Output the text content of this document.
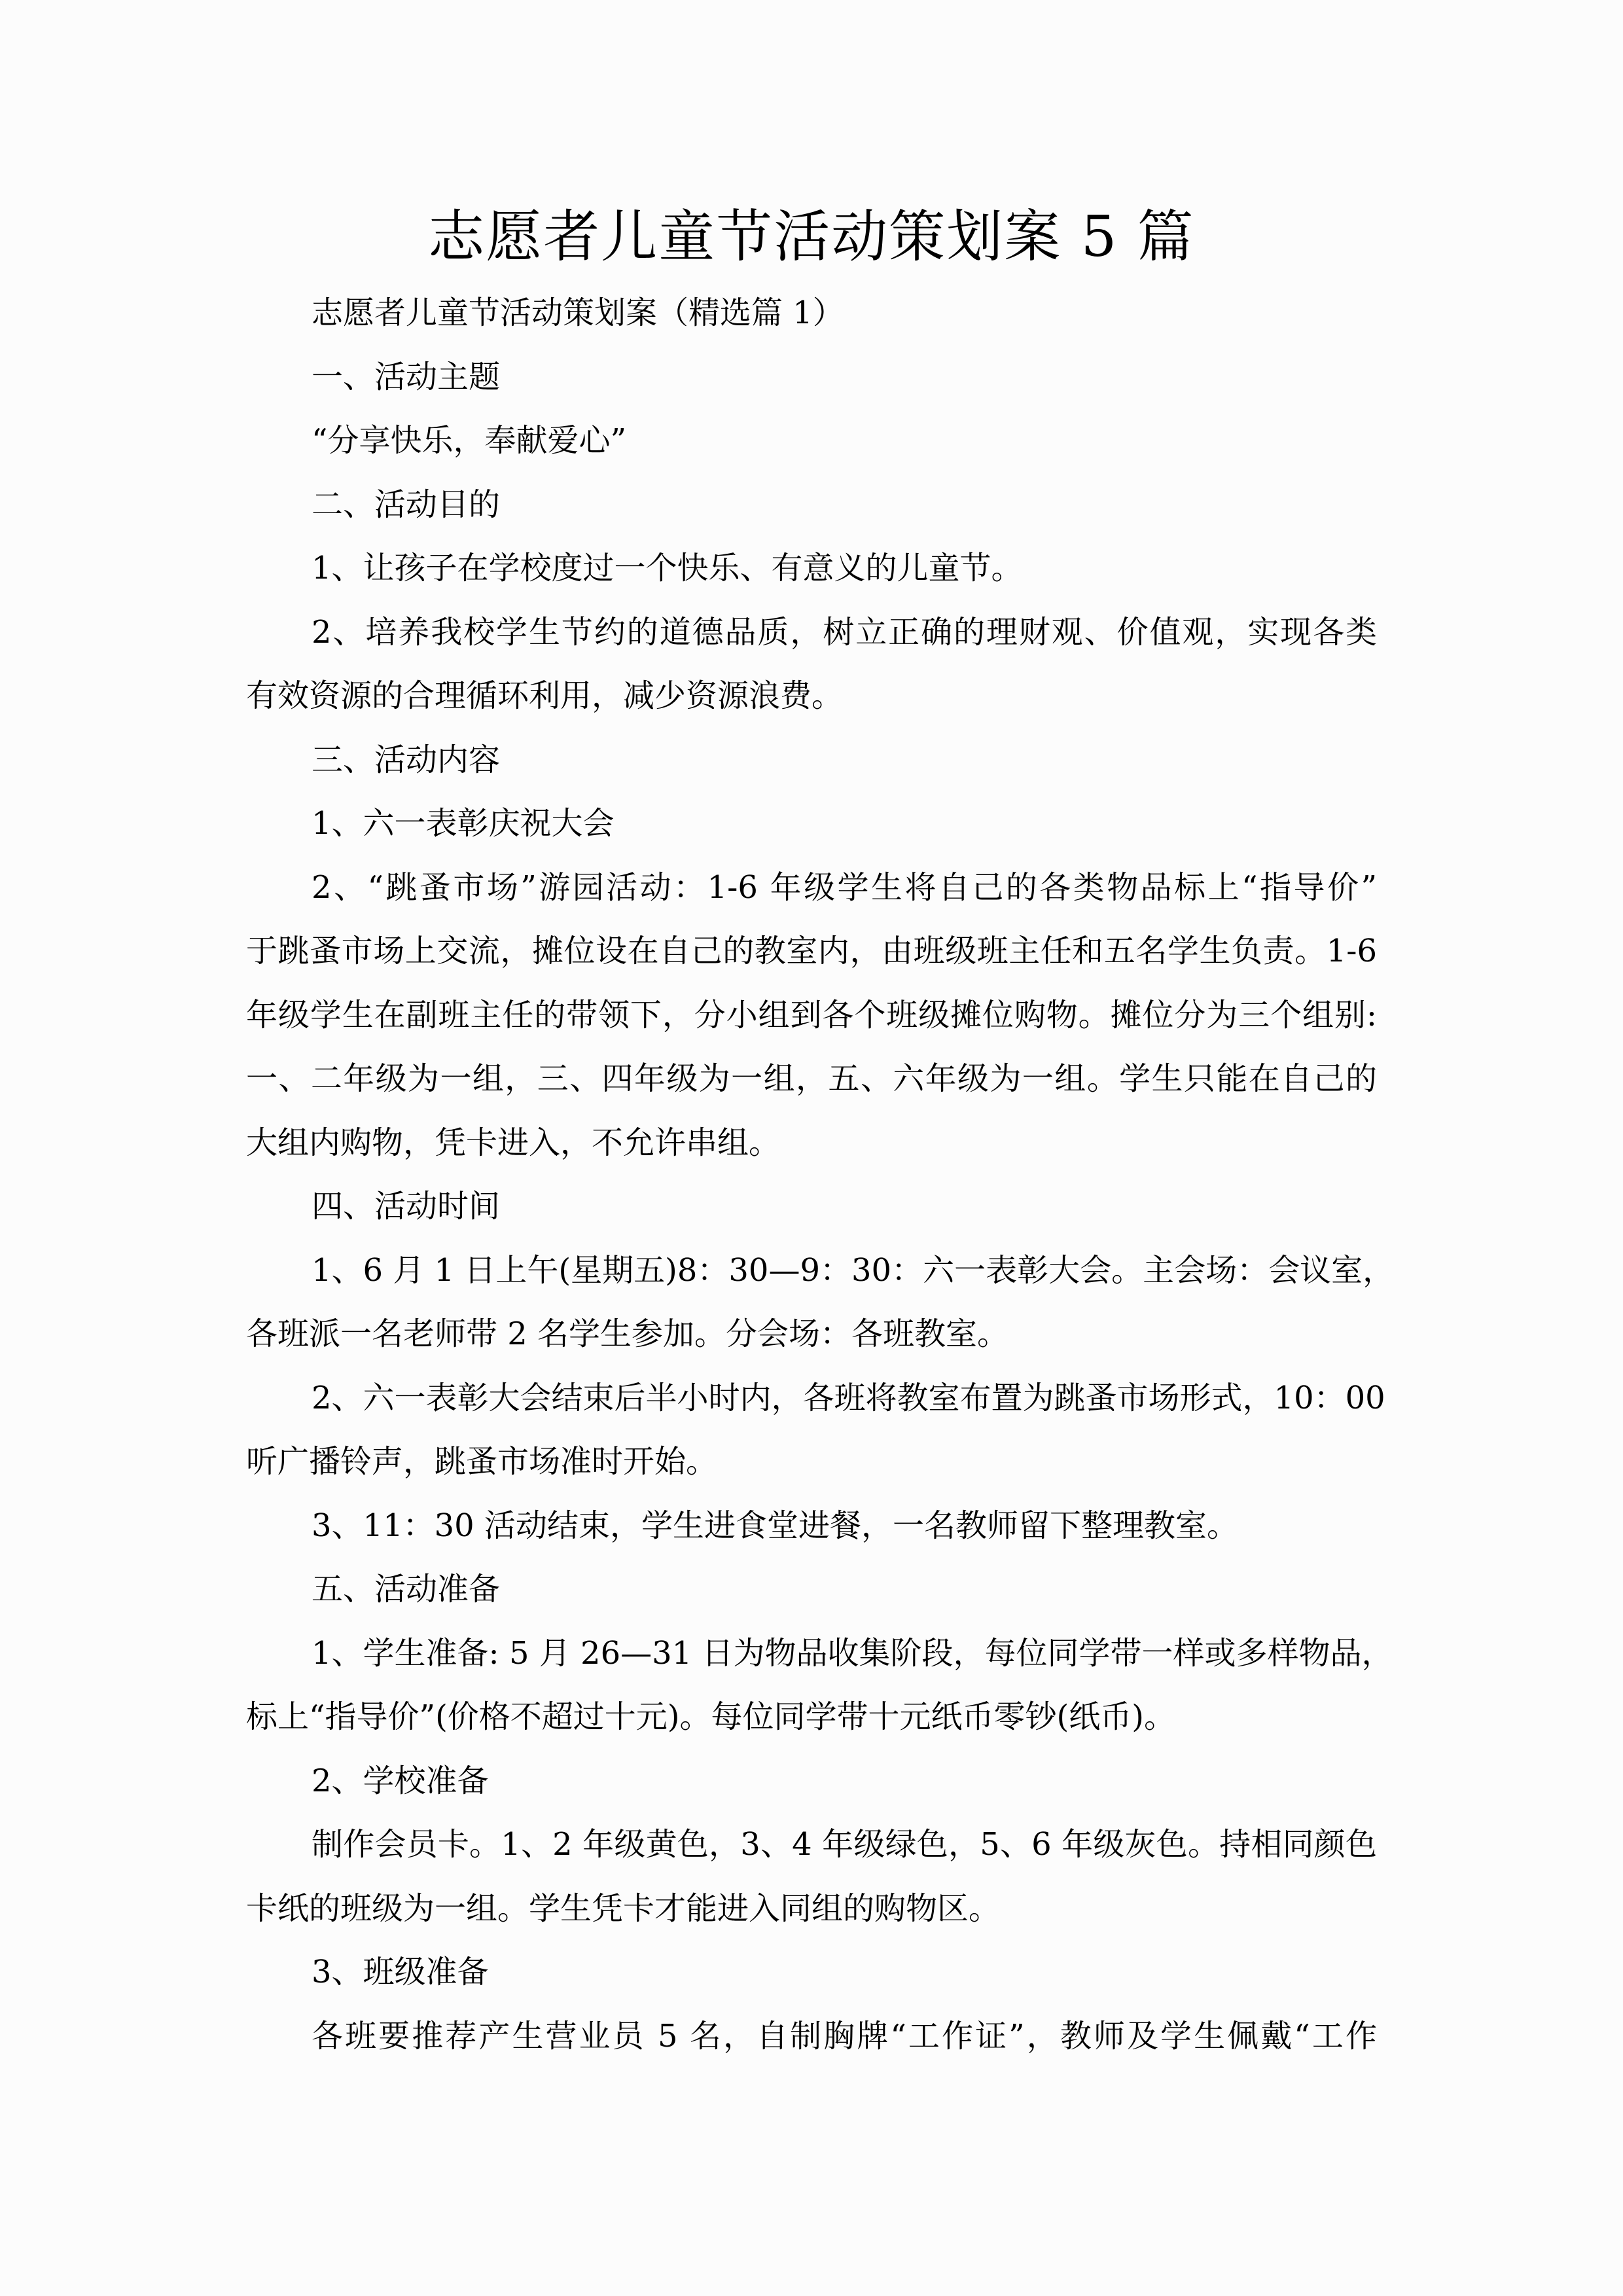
志愿者儿童节活动策划案 5 篇
志愿者儿童节活动策划案（精选篇 1）
一、活动主题
“分享快乐，奉献爱心”
二、活动目的
1、让孩子在学校度过一个快乐、有意义的儿童节。
2、培养我校学生节约的道德品质，树立正确的理财观、价值观，实现各类
有效资源的合理循环利用，减少资源浪费。
三、活动内容
1、六一表彰庆祝大会
2、“跳蚤市场”游园活动：1-6 年级学生将自己的各类物品标上“指导价”
于跳蚤市场上交流，摊位设在自己的教室内，由班级班主任和五名学生负责。1-6
年级学生在副班主任的带领下，分小组到各个班级摊位购物。摊位分为三个组别:
一、二年级为一组，三、四年级为一组，五、六年级为一组。学生只能在自己的
大组内购物，凭卡进入，不允许串组。
四、活动时间
1、6 月 1 日上午(星期五)8：30—9：30：六一表彰大会。主会场：会议室，
各班派一名老师带 2 名学生参加。分会场：各班教室。
2、六一表彰大会结束后半小时内，各班将教室布置为跳蚤市场形式，10：00
听广播铃声，跳蚤市场准时开始。
3、11：30 活动结束，学生进食堂进餐，一名教师留下整理教室。
五、活动准备
1、学生准备: 5 月 26—31 日为物品收集阶段，每位同学带一样或多样物品，
标上“指导价”(价格不超过十元)。每位同学带十元纸币零钞(纸币)。
2、学校准备
制作会员卡。1、2 年级黄色，3、4 年级绿色，5、6 年级灰色。持相同颜色
卡纸的班级为一组。学生凭卡才能进入同组的购物区。
3、班级准备
各班要推荐产生营业员 5 名，自制胸牌“工作证”，教师及学生佩戴“工作
